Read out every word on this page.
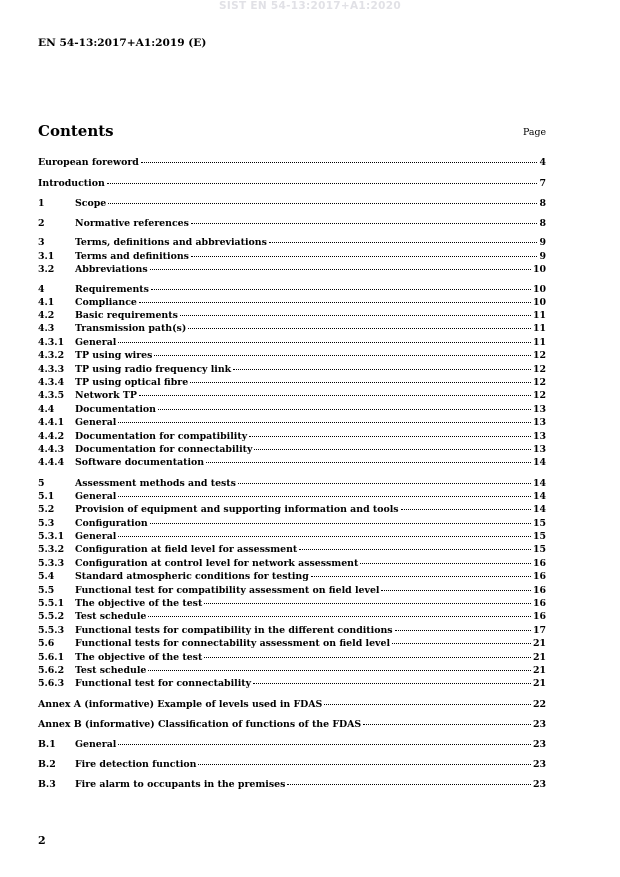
SIST EN 54-13:2017+A1:2020
EN 54-13:2017+A1:2019 (E)
Contents	Page
European foreword	4
Introduction	7
1	Scope	8
2	Normative references	8
3	Terms, definitions and abbreviations	9
3.1	Terms and definitions	9
3.2	Abbreviations	10
4	Requirements	10
4.1	Compliance	10
4.2	Basic requirements	11
4.3	Transmission path(s)	11
4.3.1	General	11
4.3.2	TP using wires	12
4.3.3	TP using radio frequency link	12
4.3.4	TP using optical fibre	12
4.3.5	Network TP	12
4.4	Documentation	13
4.4.1	General	13
4.4.2	Documentation for compatibility	13
4.4.3	Documentation for connectability	13
4.4.4	Software documentation	14
5	Assessment methods and tests	14
5.1	General	14
5.2	Provision of equipment and supporting information and tools	14
5.3	Configuration	15
5.3.1	General	15
5.3.2	Configuration at field level for assessment	15
5.3.3	Configuration at control level for network assessment	16
5.4	Standard atmospheric conditions for testing	16
5.5	Functional test for compatibility assessment on field level	16
5.5.1	The objective of the test	16
5.5.2	Test schedule	16
5.5.3	Functional tests for compatibility in the different conditions	17
5.6	Functional tests for connectability assessment on field level	21
5.6.1	The objective of the test	21
5.6.2	Test schedule	21
5.6.3	Functional test for connectability	21
Annex A (informative) Example of levels used in FDAS	22
Annex B (informative) Classification of functions of the FDAS	23
B.1	General	23
B.2	Fire detection function	23
B.3	Fire alarm to occupants in the premises	23
2
